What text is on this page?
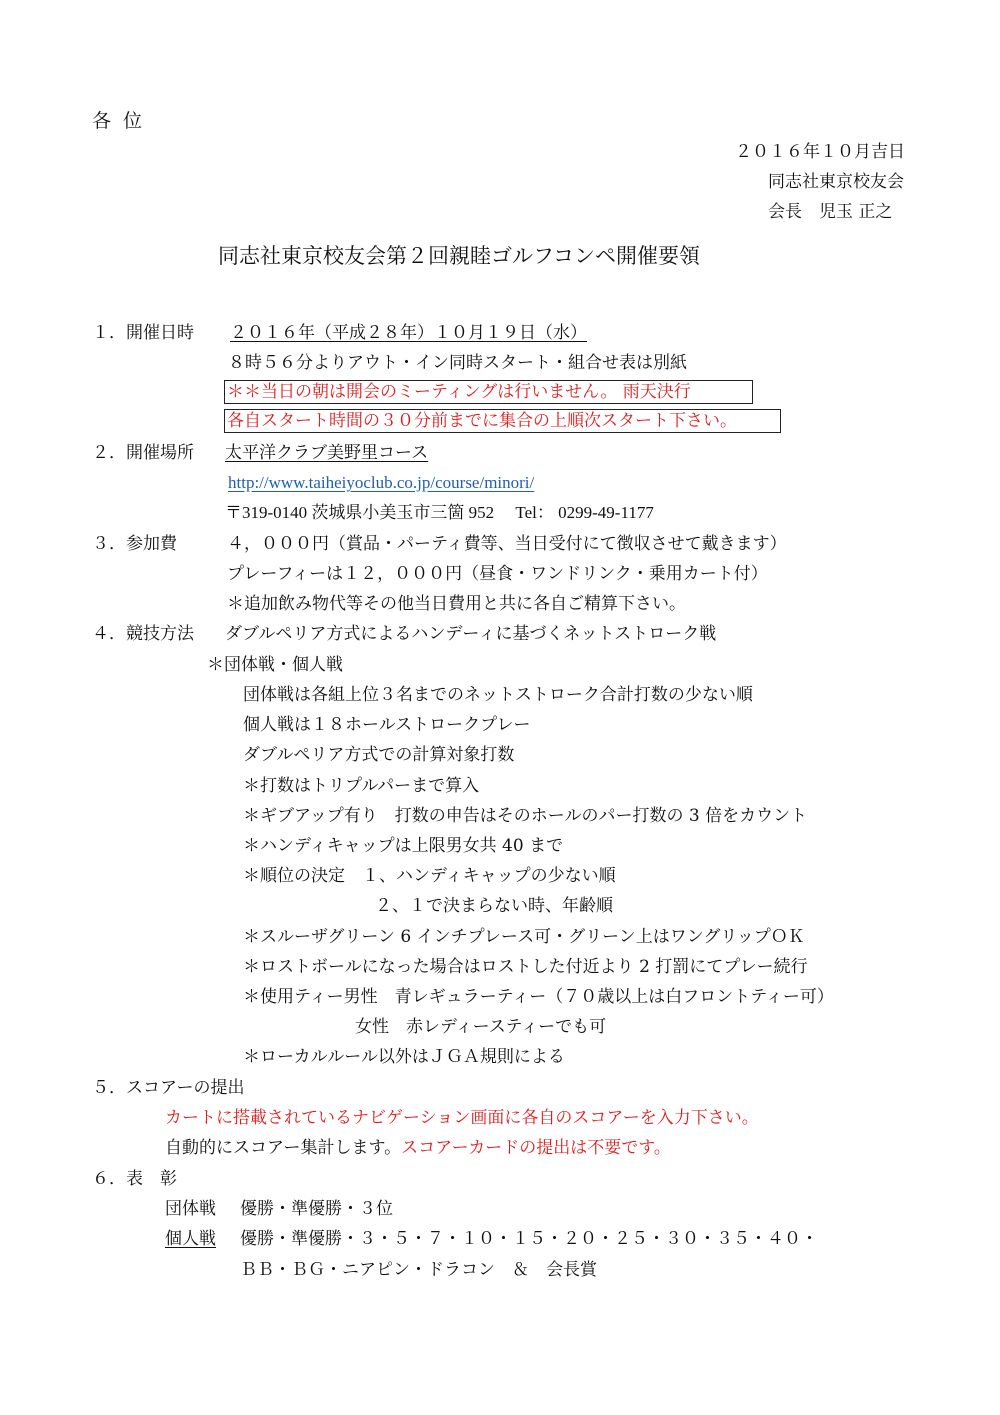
各 位
２０１６年１０月吉日
同志社東京校友会
会長　児玉 正之
同志社東京校友会第２回親睦ゴルフコンペ開催要領
１．開催日時 ２０１６年（平成２８年）１０月１９日（水）
８時５６分よりアウト・イン同時スタート・組合せ表は別紙
＊＊当日の朝は開会のミーティングは行いません。 雨天決行
各自スタート時間の３０分前までに集合の上順次スタート下さい。
２．開催場所 太平洋クラブ美野里コース
http://www.taiheiyoclub.co.jp/course/minori/
〒319-0140 茨城県小美玉市三箇 952　 Tel： 0299-49-1177
３．参加費	４，０００円（賞品・パーティ費等、当日受付にて徴収させて戴きます）
プレーフィーは１２，０００円（昼食・ワンドリンク・乗用カート付）
＊追加飲み物代等その他当日費用と共に各自ご精算下さい。
４．競技方法 ダブルペリア方式によるハンデーィに基づくネットストローク戦
＊団体戦・個人戦
団体戦は各組上位３名までのネットストローク合計打数の少ない順
個人戦は１８ホールストロークプレー
ダブルペリア方式での計算対象打数
＊打数はトリプルパーまで算入
＊ギブアップ有り　打数の申告はそのホールのパー打数の 3 倍をカウント
＊ハンディキャップは上限男女共 40 まで
＊順位の決定　１、ハンディキャップの少ない順
２、１で決まらない時、年齢順
＊スルーザグリーン 6 インチプレース可・グリーン上はワングリップＯＫ
＊ロストボールになった場合はロストした付近より 2 打罰にてプレー続行
＊使用ティー男性　青レギュラーティー（７０歳以上は白フロントティー可）
女性　赤レディースティーでも可
＊ローカルルール以外はＪＧＡ規則による
５．スコアーの提出
カートに搭載されているナビゲーション画面に各自のスコアーを入力下さい。
自動的にスコアー集計します。スコアーカードの提出は不要です。
６．表　彰
団体戦 優勝・準優勝・３位
個人戦 優勝・準優勝・３・５・７・１０・１５・２０・２５・３０・３５・４０・
ＢＢ・ＢＧ・ニアピン・ドラコン　＆　会長賞
